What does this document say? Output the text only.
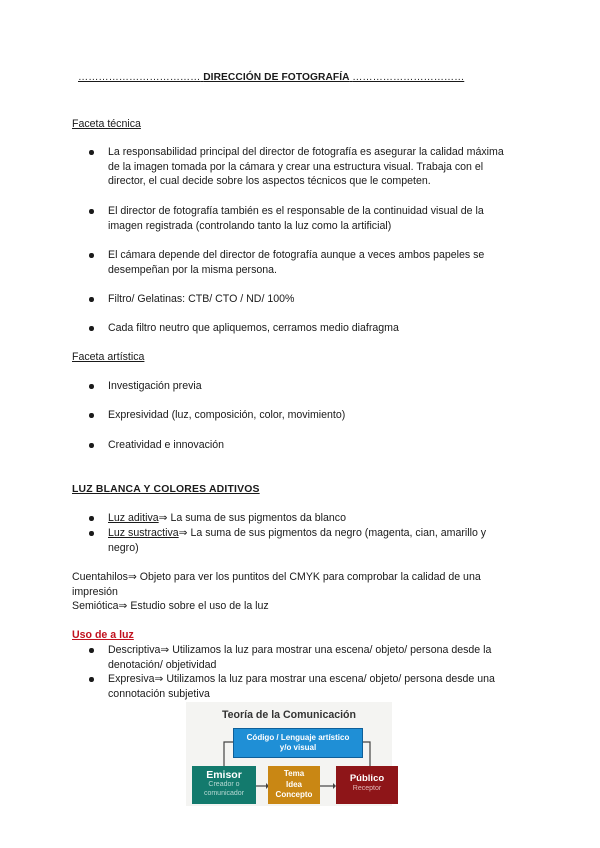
……………………………… DIRECCIÓN DE FOTOGRAFÍA ……………………………
Faceta técnica
La responsabilidad principal del director de fotografía es asegurar la calidad máxima
de la imagen tomada por la cámara y crear una estructura visual. Trabaja con el
director, el cual decide sobre los aspectos técnicos que le competen.
El director de fotografía también es el responsable de la continuidad visual de la
imagen registrada (controlando tanto la luz como la artificial)
El cámara depende del director de fotografía aunque a veces ambos papeles se
desempeñan por la misma persona.
Filtro/ Gelatinas: CTB/ CTO / ND/ 100%
Cada filtro neutro que apliquemos, cerramos medio diafragma
Faceta artística
Investigación previa
Expresividad (luz, composición, color, movimiento)
Creatividad e innovación
LUZ BLANCA Y COLORES ADITIVOS
Luz aditiva⇒ La suma de sus pigmentos da blanco
Luz sustractiva⇒ La suma de sus pigmentos da negro (magenta, cian, amarillo y
negro)
Cuentahilos⇒ Objeto para ver los puntitos del CMYK para comprobar la calidad de una
impresión
Semiótica⇒ Estudio sobre el uso de la luz
Uso de a luz
Descriptiva⇒ Utilizamos la luz para mostrar una escena/ objeto/ persona desde la
denotación/ objetividad
Expresiva⇒ Utilizamos la luz para mostrar una escena/ objeto/ persona desde una
connotación subjetiva
Teoría de la Comunicación
Código / Lenguaje artístico
y/o visual
Emisor
Creador o
comunicador
Tema
Idea
Concepto
Público
Receptor
